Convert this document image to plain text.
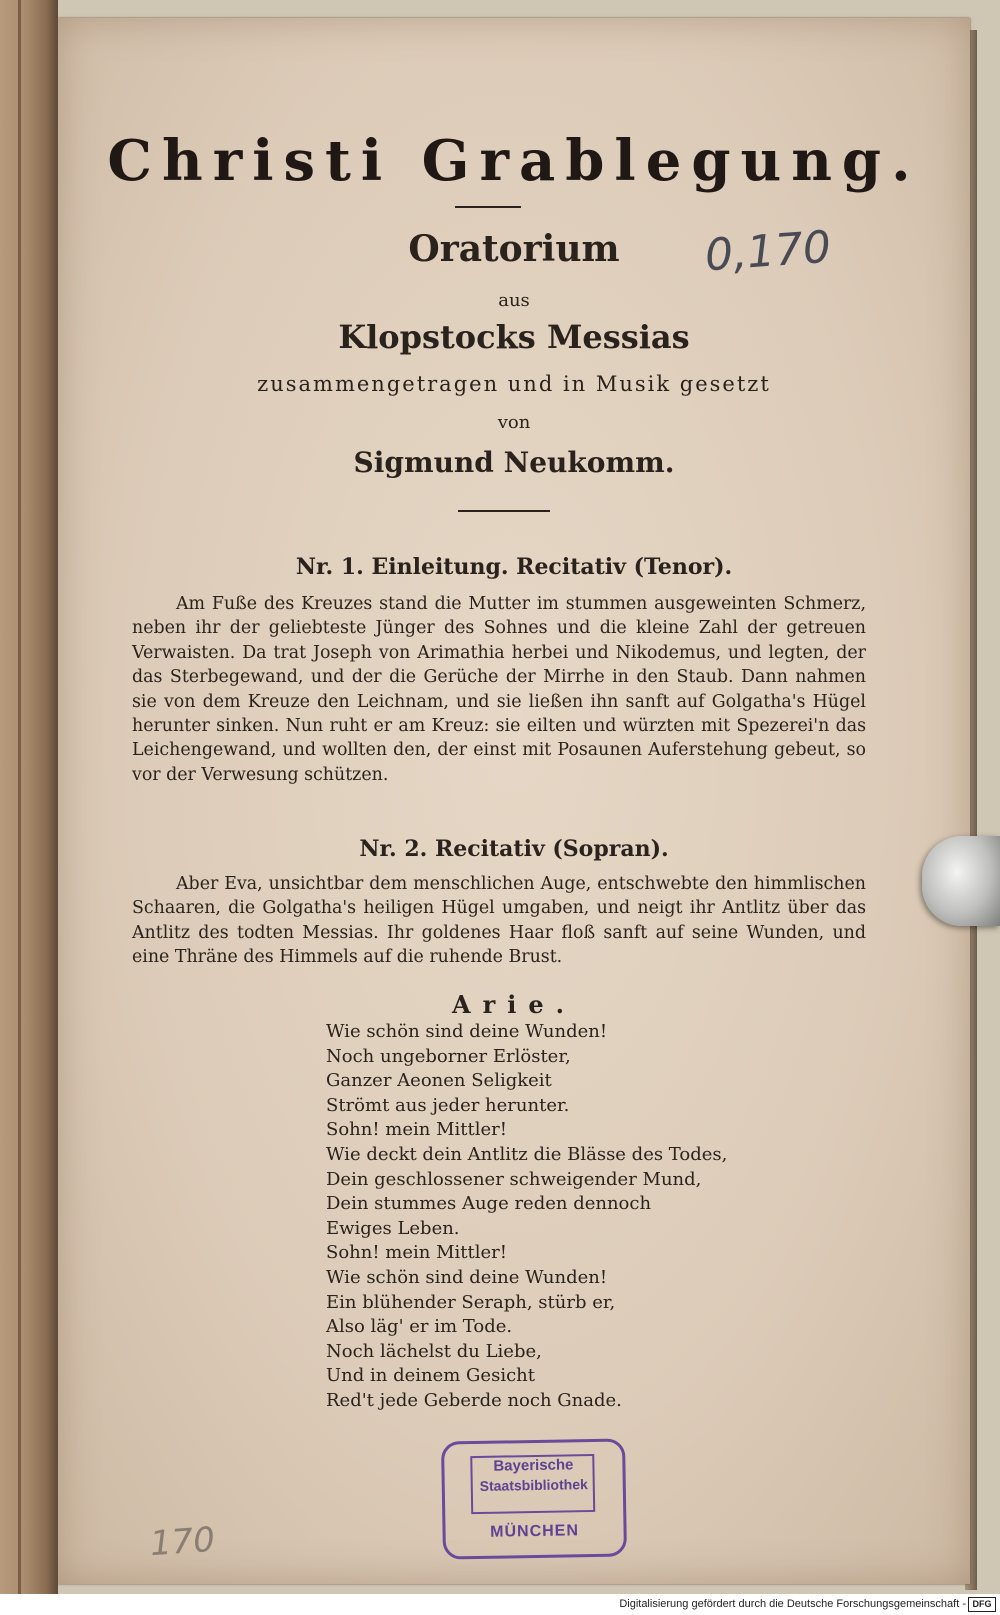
Christi Grablegung.
Oratorium
aus
Klopstocks Messias
zusammengetragen und in Musik gesetzt
von
Sigmund Neukomm.
Nr. 1. Einleitung. Recitativ (Tenor).
Am Fuße des Kreuzes stand die Mutter im stummen ausgeweinten Schmerz, neben ihr der geliebteste Jünger des Sohnes und die kleine Zahl der getreuen Verwaisten. Da trat Joseph von Arimathia herbei und Nikodemus, und legten, der das Sterbegewand, und der die Gerüche der Mirrhe in den Staub. Dann nahmen sie von dem Kreuze den Leichnam, und sie ließen ihn sanft auf Golgatha's Hügel herunter sinken. Nun ruht er am Kreuz: sie eilten und würzten mit Spezerei'n das Leichengewand, und wollten den, der einst mit Posaunen Auferstehung gebeut, so vor der Verwesung schützen.
Nr. 2. Recitativ (Sopran).
Aber Eva, unsichtbar dem menschlichen Auge, entschwebte den himmlischen Schaaren, die Golgatha's heiligen Hügel umgaben, und neigt ihr Antlitz über das Antlitz des todten Messias. Ihr goldenes Haar floß sanft auf seine Wunden, und eine Thräne des Himmels auf die ruhende Brust.
Arie.
Wie schön sind deine Wunden!
Noch ungeborner Erlöster,
Ganzer Aeonen Seligkeit
Strömt aus jeder herunter.
Sohn! mein Mittler!
Wie deckt dein Antlitz die Blässe des Todes,
Dein geschlossener schweigender Mund,
Dein stummes Auge reden dennoch
Ewiges Leben.
Sohn! mein Mittler!
Wie schön sind deine Wunden!
Ein blühender Seraph, stürb er,
Also läg' er im Tode.
Noch lächelst du Liebe,
Und in deinem Gesicht
Red't jede Geberde noch Gnade.
0,170
170
Bayerische
Staatsbibliothek
MÜNCHEN
Digitalisierung gefördert durch die Deutsche Forschungsgemeinschaft - DFG
